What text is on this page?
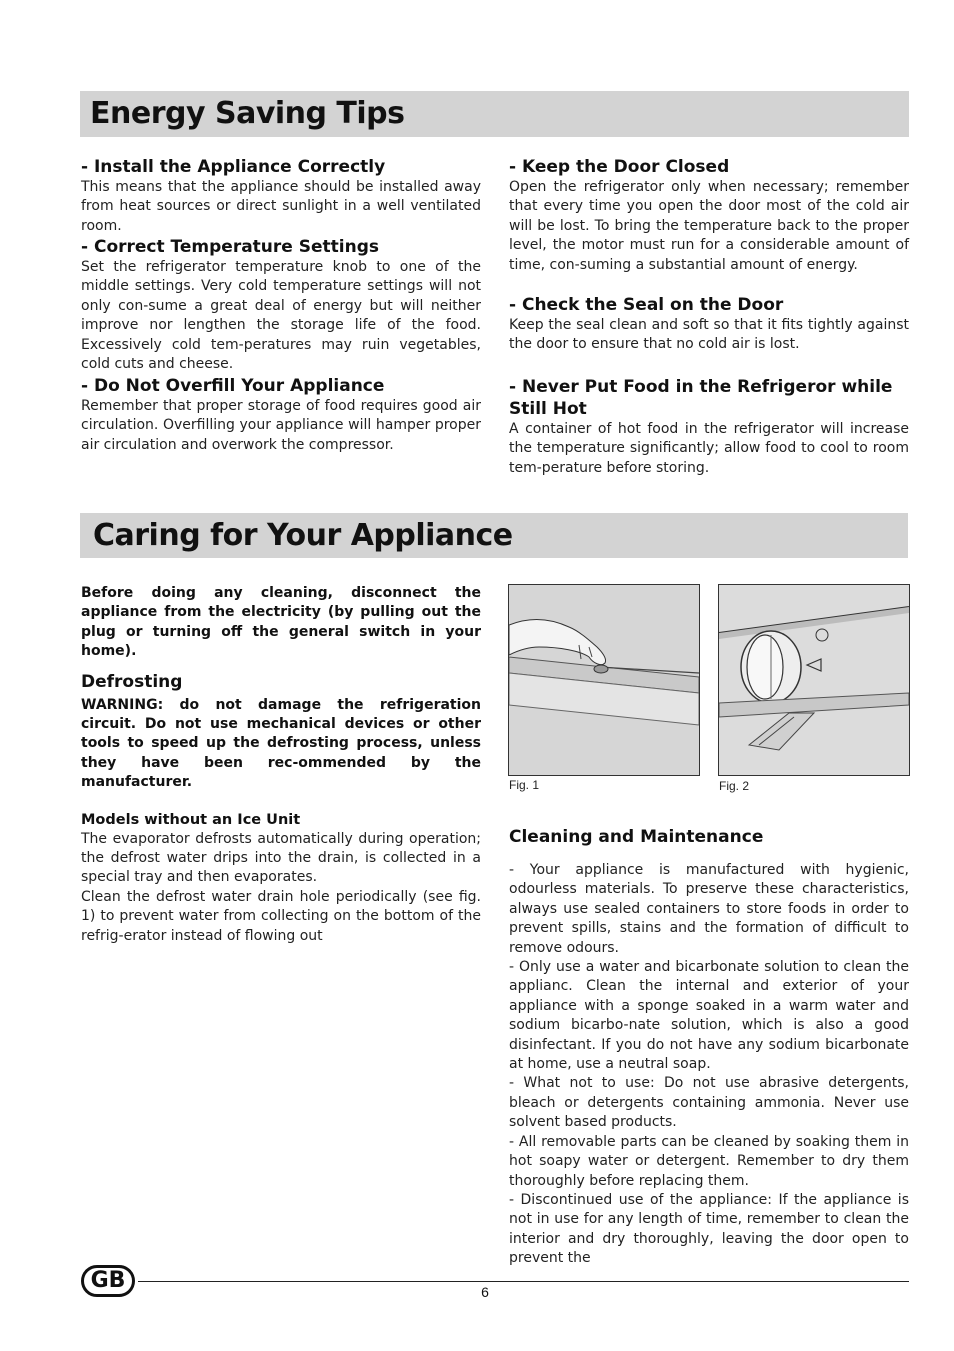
Energy Saving Tips

- Install the Appliance Correctly

This means that the appliance should be installed away from heat sources or direct sunlight in a well ventilated room.

- Correct Temperature Settings

Set the refrigerator temperature knob to one of the middle settings. Very cold temperature settings will not only con-sume a great deal of energy but will neither improve nor lengthen the storage life of the food. Excessively cold tem-peratures may ruin vegetables, cold cuts and cheese.

- Do Not Overfill Your Appliance

Remember that proper storage of food requires good air circulation. Overfilling your appliance will hamper proper air circulation and overwork the compressor.

- Keep the Door Closed

Open the refrigerator only when necessary; remember that every time you open the door most of the cold air will be lost. To bring the temperature back to the proper level, the motor must run for a considerable amount of time, con-suming a substantial amount of energy.

- Check the Seal on the Door

Keep the seal clean and soft so that it fits tightly against the door to ensure that no cold air is lost.

- Never Put Food in the Refrigeror while Still Hot

A container of hot food in the refrigerator will increase the temperature significantly; allow food to cool to room tem-perature before storing.

Caring for Your Appliance

Before doing any cleaning, disconnect the appliance from the electricity (by pulling out the plug or turning off the general switch in your home).

Defrosting

WARNING: do not damage the refrigeration circuit. Do not use mechanical devices or other tools to speed up the defrosting process, unless they have been rec-ommended by the manufacturer.

Models without an Ice Unit

The evaporator defrosts automatically during operation; the defrost water drips into the drain, is collected in a special tray and then evaporates.

Clean the defrost water drain hole periodically (see fig. 1) to prevent water from collecting on the bottom of the refrig-erator instead of flowing out

Fig. 1	Fig. 2

Cleaning and Maintenance

- Your appliance is manufactured with hygienic, odourless materials. To preserve these characteristics, always use sealed containers to store foods in order to prevent spills, stains and the formation of difficult to remove odours.

- Only use a water and bicarbonate solution to clean the applianc. Clean the internal and exterior of your appliance with a sponge soaked in a warm water and sodium bicarbo-nate solution, which is also a good disinfectant. If you do not have any sodium bicarbonate at home, use a neutral soap.

- What not to use: Do not use abrasive detergents, bleach or detergents containing ammonia. Never use solvent based products.

- All removable parts can be cleaned by soaking them in hot soapy water or detergent. Remember to dry them thoroughly before replacing them.

- Discontinued use of the appliance: If the appliance is not in use for any length of time, remember to clean the interior and dry thoroughly, leaving the door open to prevent the

GB	6
